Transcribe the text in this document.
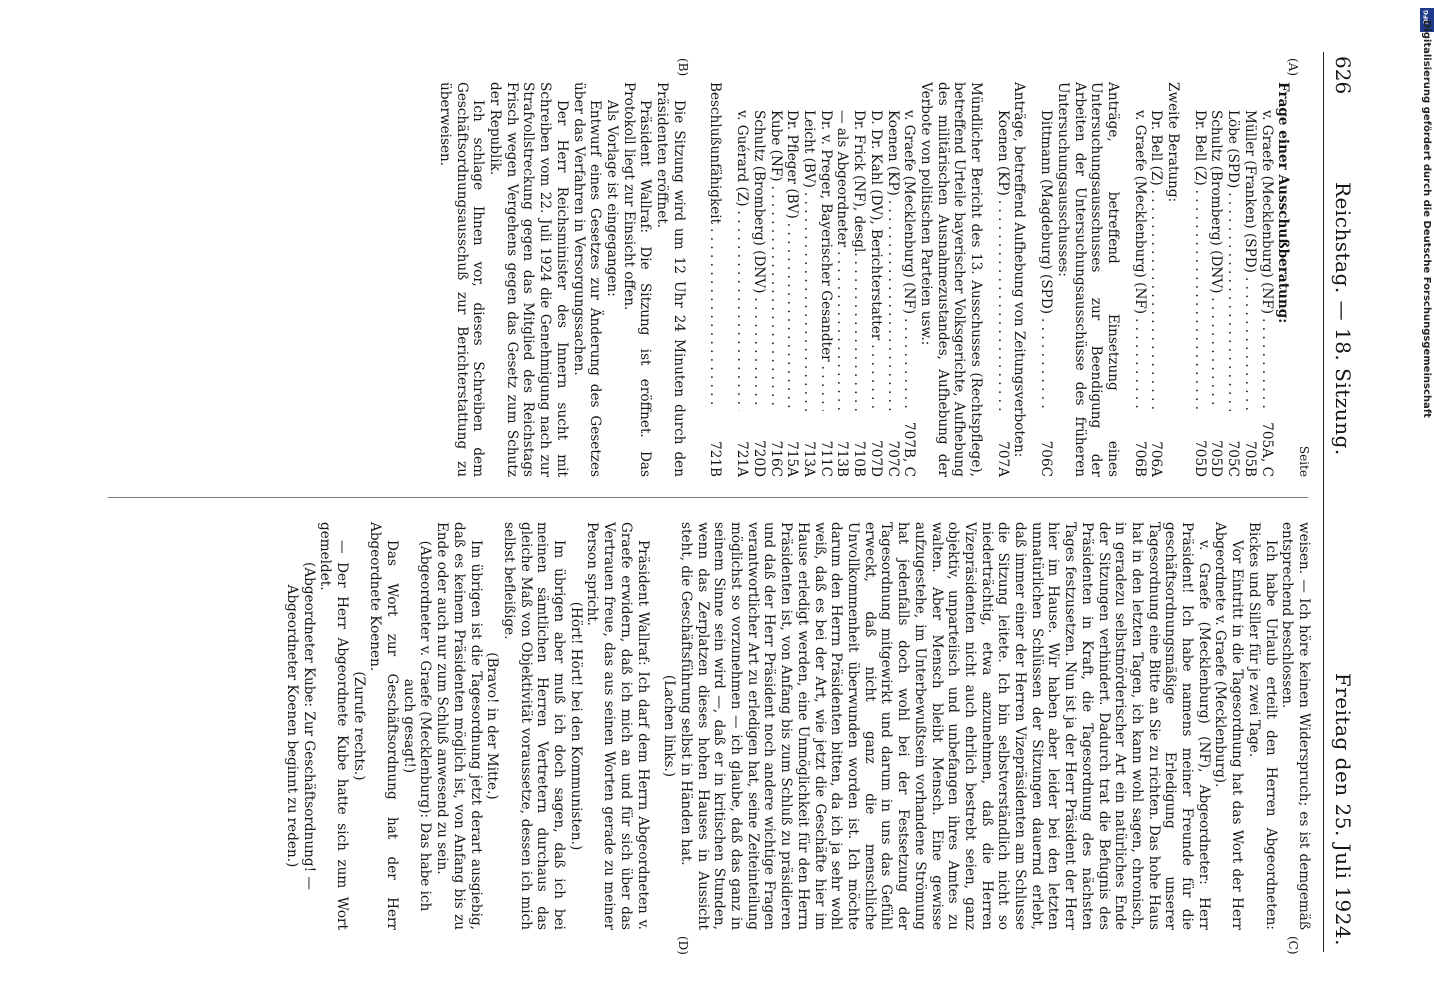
626
Reichstag. — 18. Sitzung.
Freitag den 25. Juli 1924.
(A)
(B)
(C)
(D)
Seite

Frage einer Ausschußberatung:

v. Graefe (Mecklenburg) (NF)
. . .
705A, C
Müller (Franken) (SPD)
. . .
705B
Löbe (SPD)
. . .
705C
Schultz (Bromberg) (DNV)
. . .
705D
Dr. Bell (Z)
. . .
705D

Zweite Beratung:

Dr. Bell (Z)
. . .
706A
v. Graefe (Mecklenburg) (NF)
. . .
706B

Anträge, betreffend Einsetzung eines Untersuchungsausschusses zur Beendigung der Arbeiten der Untersuchungsausschüsse des früheren Untersuchungsausschusses:

Dittmann (Magdeburg) (SPD)
. . .
706C

Anträge, betreffend Aufhebung von Zeitungsverboten:

Koenen (KP)
. . .
707A

Mündlicher Bericht des 13. Ausschusses (Rechtspflege), betreffend Urteile bayerischer Volksgerichte, Aufhebung des militärischen Ausnahmezustandes, Aufhebung der Verbote von politischen Parteien usw.:

v. Graefe (Mecklenburg) (NF)
. . .
707B, C
Koenen (KP)
. . .
707C
D. Dr. Kahl (DV), Berichterstatter
. . .
707D
Dr. Frick (NF), desgl.
. . .
710B
— als Abgeordneter
. . .
713B
Dr. v. Preger, Bayerischer Gesandter
. . .
711C
Leicht (BV)
. . .
713A
Dr. Pfleger (BV)
. . .
715A
Kube (NF)
. . .
716C
Schultz (Bromberg) (DNV)
. . .
720D
v. Guérard (Z)
. . .
721A
Beschlußunfähigkeit
. . .
721B

Die Sitzung wird um 12 Uhr 24 Minuten durch den Präsidenten eröffnet.

Präsident Wallraf: Die Sitzung ist eröffnet. Das Protokoll liegt zur Einsicht offen.

Als Vorlage ist eingegangen:

Entwurf eines Gesetzes zur Änderung des Gesetzes über das Verfahren in Versorgungssachen.

Der Herr Reichsminister des Innern sucht mit Schreiben vom 22. Juli 1924 die Genehmigung nach zur Strafvollstreckung gegen das Mitglied des Reichstags Frisch wegen Vergehens gegen das Gesetz zum Schutz der Republik.

Ich schlage Ihnen vor, dieses Schreiben dem Geschäftsordnungsausschuß zur Berichterstattung zu überweisen.

weisen. — Ich höre keinen Widerspruch; es ist demgemäß entsprechend beschlossen.

Ich habe Urlaub erteilt den Herren Abgeordneten: Bickes und Siller für je zwei Tage.

Vor Eintritt in die Tagesordnung hat das Wort der Herr Abgeordnete v. Graefe (Mecklenburg).

v. Graefe (Mecklenburg) (NF), Abgeordneter: Herr Präsident! Ich habe namens meiner Freunde für die geschäftsordnungsmäßige Erledigung unserer Tagesordnung eine Bitte an Sie zu richten. Das hohe Haus hat in den letzten Tagen, ich kann wohl sagen, chronisch, in geradezu selbstmörderischer Art ein natürliches Ende der Sitzungen verhindert. Dadurch trat die Befugnis des Präsidenten in Kraft, die Tagesordnung des nächsten Tages festzusetzen. Nun ist ja der Herr Präsident der Herr hier im Hause. Wir haben aber leider bei den letzten unnatürlichen Schlüssen der Sitzungen dauernd erlebt, daß immer einer der Herren Vizepräsidenten am Schlusse die Sitzung leitete. Ich bin selbstverständlich nicht so niederträchtig, etwa anzunehmen, daß die Herren Vizepräsidenten nicht auch ehrlich bestrebt seien, ganz objektiv, unparteiisch und unbefangen ihres Amtes zu walten. Aber Mensch bleibt Mensch. Eine gewisse aufzugestehe, im Unterbewußtsein vorhandene Strömung hat jedenfalls doch wohl bei der Festsetzung der Tagesordnung mitgewirkt und darum in uns das Gefühl erweckt, daß nicht ganz die menschliche Unvollkommenheit überwunden worden ist. Ich möchte darum den Herrn Präsidenten bitten, da ich ja sehr wohl weiß, daß es bei der Art, wie jetzt die Geschäfte hier im Hause erledigt werden, eine Unmöglichkeit für den Herrn Präsidenten ist, von Anfang bis zum Schluß zu präsidieren und daß der Herr Präsident noch andere wichtige Fragen verantwortlicher Art zu erledigen hat, seine Zeiteinteilung möglichst so vorzunehmen — ich glaube, daß das ganz in seinem Sinne sein wird —, daß er in kritischen Stunden, wenn das Zerplatzen dieses hohen Hauses in Aussicht steht, die Geschäftsführung selbst in Händen hat.

(Lachen links.)

Präsident Wallraf: Ich darf dem Herrn Abgeordneten v. Graefe erwidern, daß ich mich an und für sich über das Vertrauen freue, das aus seinen Worten gerade zu meiner Person spricht.

(Hört! Hört! bei den Kommunisten.)

Im übrigen aber muß ich doch sagen, daß ich bei meinen sämtlichen Herren Vertretern durchaus das gleiche Maß von Objektivität voraussetze, dessen ich mich selbst befleißige.

(Bravo! in der Mitte.)

Im übrigen ist die Tagesordnung jetzt derart ausgiebig, daß es keinem Präsidenten möglich ist, von Anfang bis zu Ende oder auch nur zum Schluß anwesend zu sein.

(Abgeordneter v. Graefe (Mecklenburg): Das habe ich auch gesagt!)

Das Wort zur Geschäftsordnung hat der Herr Abgeordnete Koenen.

(Zurufe rechts.)

— Der Herr Abgeordnete Kube hatte sich zum Wort gemeldet.

(Abgeordneter Kube: Zur Geschäftsordnung! — Abgeordneter Koenen beginnt zu reden.)

DFG
Digitalisierung gefördert durch die Deutsche Forschungsgemeinschaft
